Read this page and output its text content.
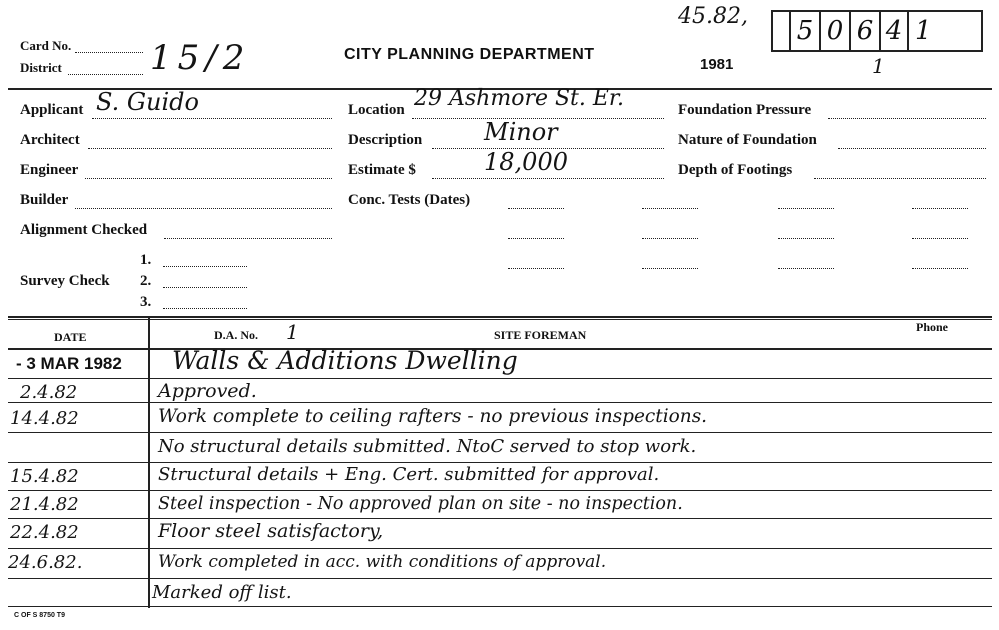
Card No.
District	15/2	CITY PLANNING DEPARTMENT
1981
45.82, 5 0 6 4 1
1
Applicant S. Guido
Architect
Engineer
Builder
Alignment Checked
Survey Check
1.
2.
3.
Location 29 Ashmore St. Er.
Description	Minor
Estimate $	18,000
Conc. Tests (Dates)
Foundation Pressure
Nature of Foundation
Depth of Footings
DATE	D.A. No. 1	SITE FOREMAN
Phone
- 3 MAR 1982 Walls & Additions Dwelling
2.4.82	Approved.
14.4.82	Work complete to ceiling rafters - no previous inspections.
No structural details submitted. NtoC served to stop work.
15.4.82	Structural details + Eng. Cert. submitted for approval.
21.4.82	Steel inspection - No approved plan on site - no inspection.
22.4.82	Floor steel satisfactory,
24.6.82.	Work completed in acc. with conditions of approval.
Marked off list.
C OF S 8750 T9
